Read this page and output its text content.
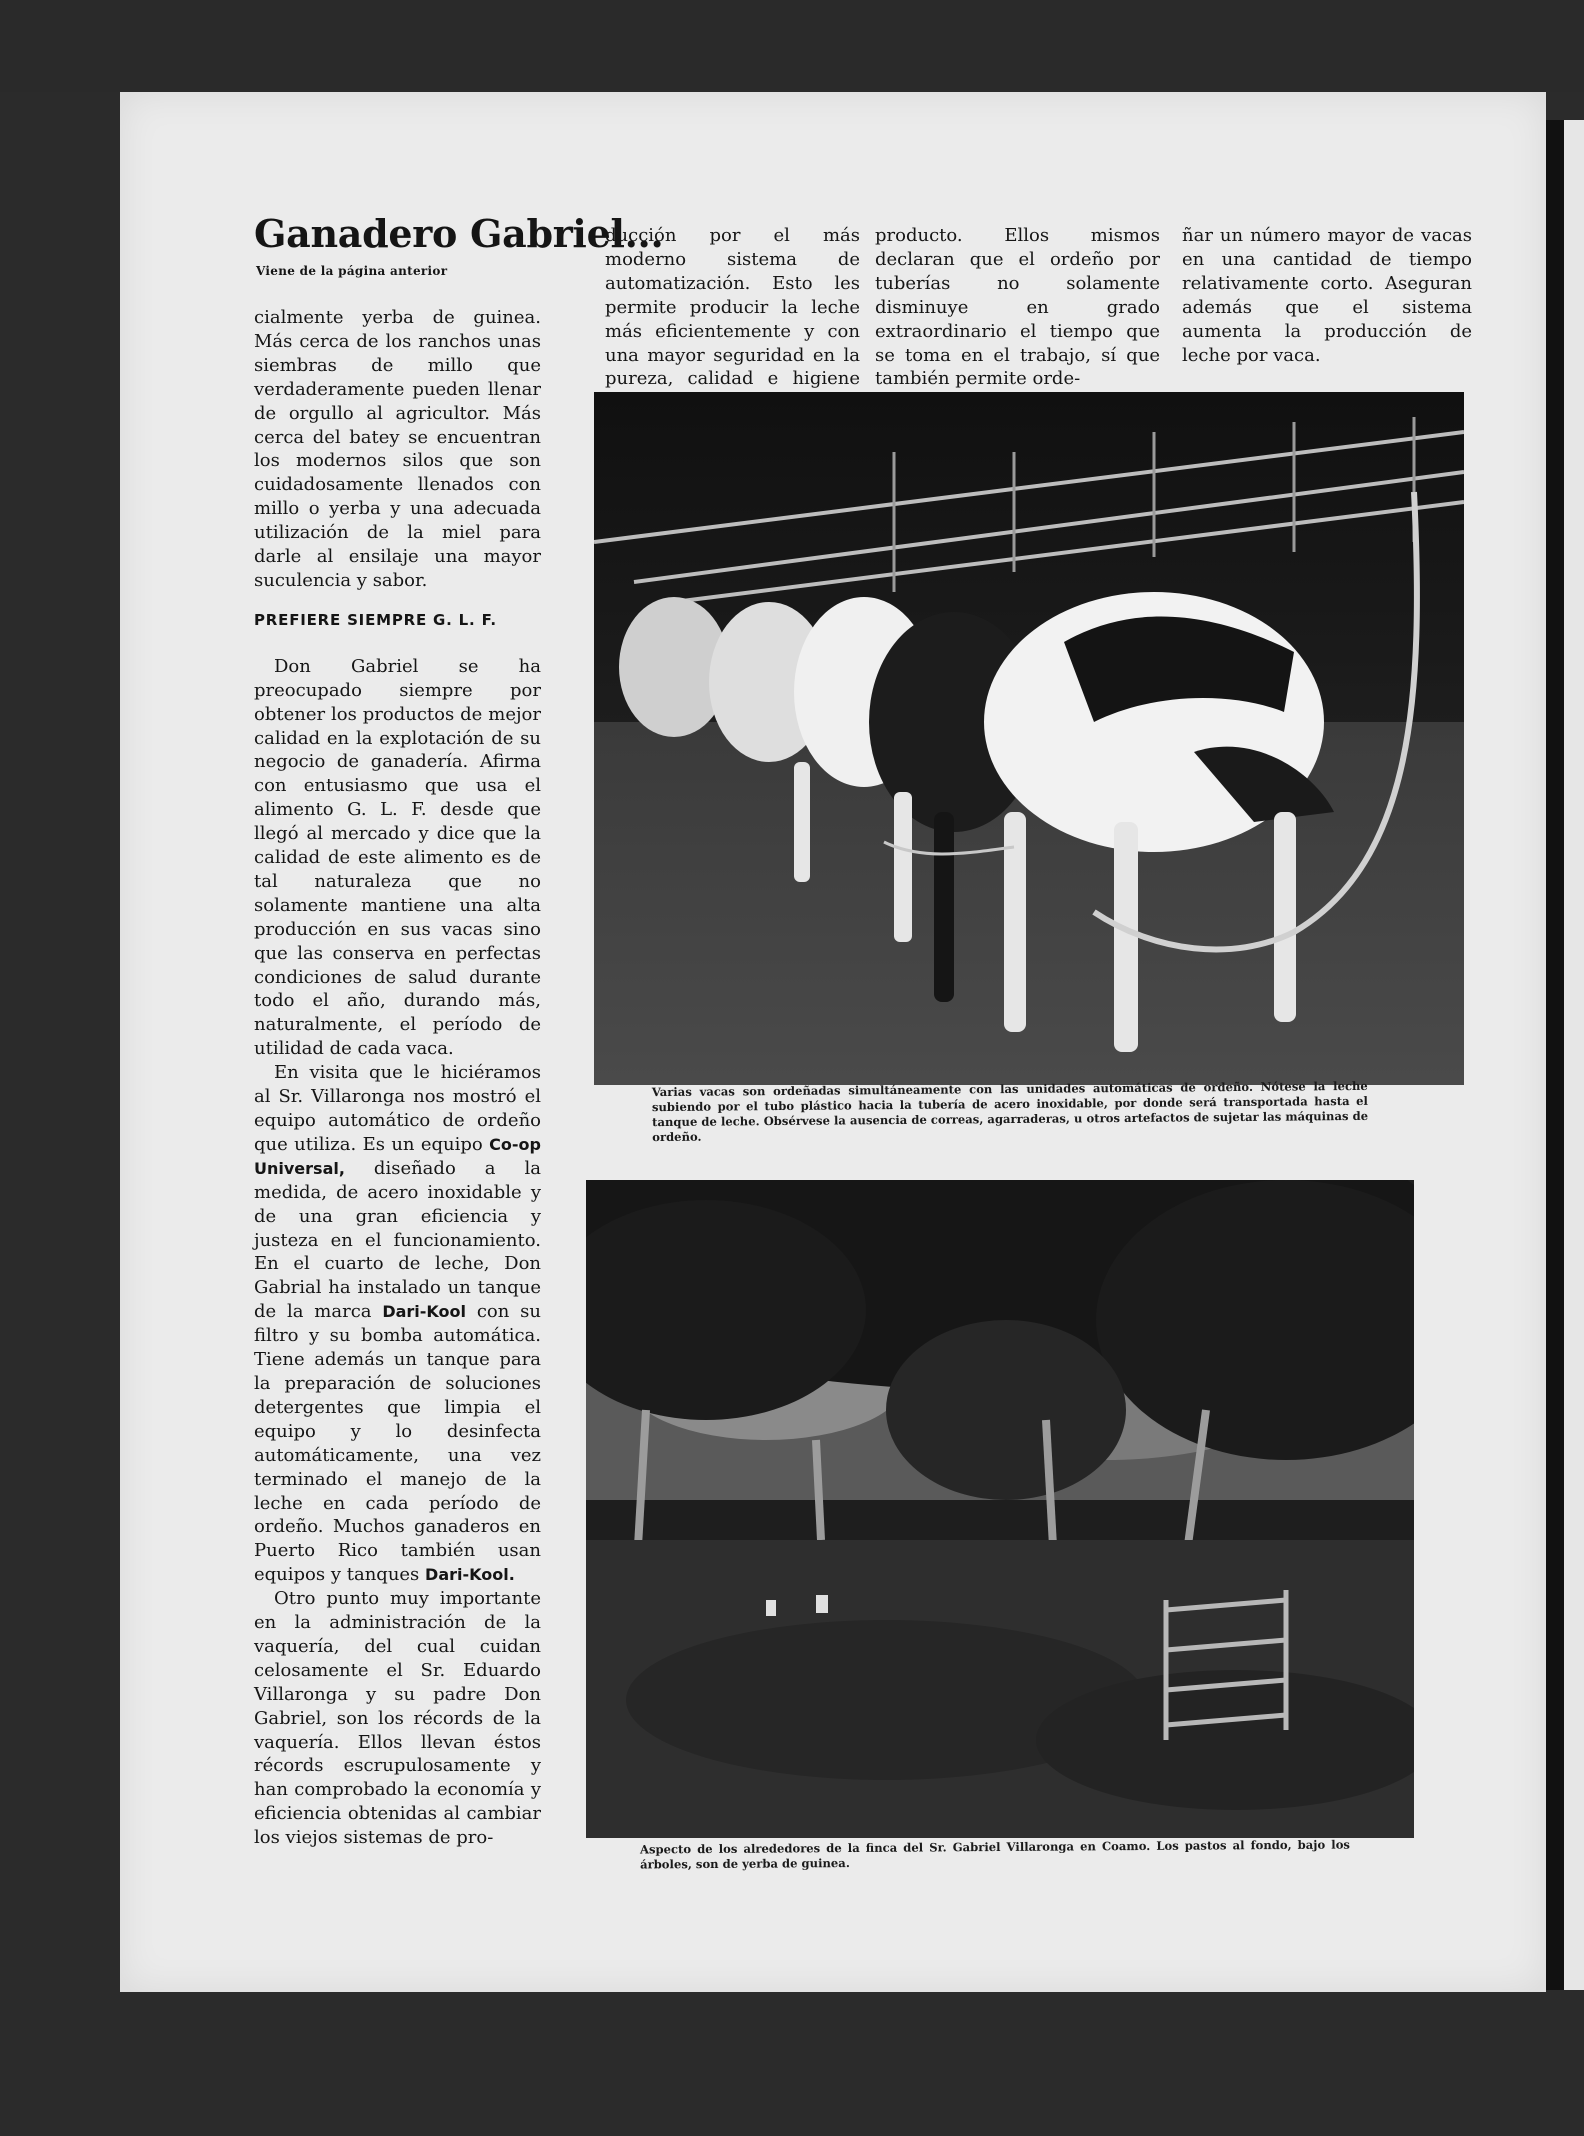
Ganadero Gabriel...
Viene de la página anterior

cialmente yerba de guinea. Más cerca de los ranchos unas siembras de millo que verdaderamente pueden llenar de orgullo al agricultor. Más cerca del batey se encuentran los modernos silos que son cuidadosamente llenados con millo o yerba y una adecuada utilización de la miel para darle al ensilaje una mayor suculencia y sabor.

PREFIERE SIEMPRE G. L. F.

Don Gabriel se ha preocupado siempre por obtener los productos de mejor calidad en la explotación de su negocio de ganadería. Afirma con entusiasmo que usa el alimento G. L. F. desde que llegó al mercado y dice que la calidad de este alimento es de tal naturaleza que no solamente mantiene una alta producción en sus vacas sino que las conserva en perfectas condiciones de salud durante todo el año, durando más, naturalmente, el período de utilidad de cada vaca.

En visita que le hiciéramos al Sr. Villaronga nos mostró el equipo automático de ordeño que utiliza. Es un equipo Co-op Universal, diseñado a la medida, de acero inoxidable y de una gran eficiencia y justeza en el funcionamiento. En el cuarto de leche, Don Gabrial ha instalado un tanque de la marca Dari-Kool con su filtro y su bomba automática. Tiene además un tanque para la preparación de soluciones detergentes que limpia el equipo y lo desinfecta automáticamente, una vez terminado el manejo de la leche en cada período de ordeño. Muchos ganaderos en Puerto Rico también usan equipos y tanques Dari-Kool.

Otro punto muy importante en la administración de la vaquería, del cual cuidan celosamente el Sr. Eduardo Villaronga y su padre Don Gabriel, son los récords de la vaquería. Ellos llevan éstos récords escrupulosamente y han comprobado la economía y eficiencia obtenidas al cambiar los viejos sistemas de pro-

ducción por el más moderno sistema de automatización. Esto les permite producir la leche más eficientemente y con una mayor seguridad en la pureza, calidad e higiene
producto. Ellos mismos declaran que el ordeño por tuberías no solamente disminuye en grado extraordinario el tiempo que se toma en el trabajo, sí que también permite orde-
ñar un número mayor de vacas en una cantidad de tiempo relativamente corto. Aseguran además que el sistema aumenta la producción de leche por vaca.
Varias vacas son ordeñadas simultáneamente con las unidades automáticas de ordeño. Nótese la leche subiendo por el tubo plástico hacia la tubería de acero inoxidable, por donde será transportada hasta el tanque de leche. Obsérvese la ausencia de correas, agarraderas, u otros artefactos de sujetar las máquinas de ordeño.
Aspecto de los alrededores de la finca del Sr. Gabriel Villaronga en Coamo. Los pastos al fondo, bajo los árboles, son de yerba de guinea.
